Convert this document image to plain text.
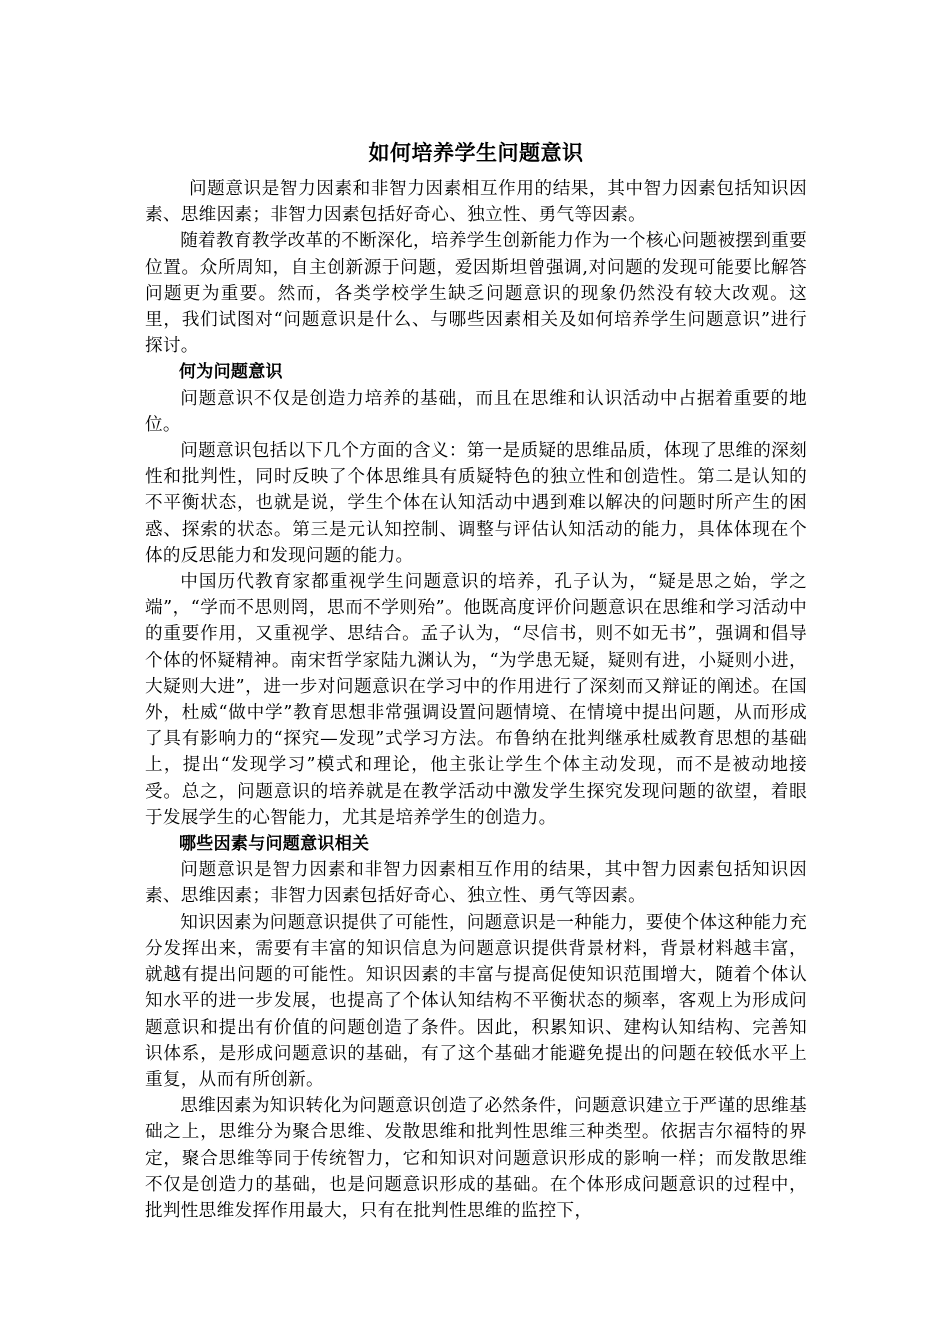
如何培养学生问题意识

问题意识是智力因素和非智力因素相互作用的结果，其中智力因素包括知识因素、思维因素；非智力因素包括好奇心、独立性、勇气等因素。

随着教育教学改革的不断深化，培养学生创新能力作为一个核心问题被摆到重要位置。众所周知，自主创新源于问题，爱因斯坦曾强调,对问题的发现可能要比解答问题更为重要。然而，各类学校学生缺乏问题意识的现象仍然没有较大改观。这里，我们试图对“问题意识是什么、与哪些因素相关及如何培养学生问题意识”进行探讨。

何为问题意识

问题意识不仅是创造力培养的基础，而且在思维和认识活动中占据着重要的地位。

问题意识包括以下几个方面的含义：第一是质疑的思维品质，体现了思维的深刻性和批判性，同时反映了个体思维具有质疑特色的独立性和创造性。第二是认知的不平衡状态，也就是说，学生个体在认知活动中遇到难以解决的问题时所产生的困惑、探索的状态。第三是元认知控制、调整与评估认知活动的能力，具体体现在个体的反思能力和发现问题的能力。

中国历代教育家都重视学生问题意识的培养，孔子认为，“疑是思之始，学之端”，“学而不思则罔，思而不学则殆”。他既高度评价问题意识在思维和学习活动中的重要作用，又重视学、思结合。孟子认为，“尽信书，则不如无书”，强调和倡导个体的怀疑精神。南宋哲学家陆九渊认为，“为学患无疑，疑则有进，小疑则小进，大疑则大进”，进一步对问题意识在学习中的作用进行了深刻而又辩证的阐述。在国外，杜威“做中学”教育思想非常强调设置问题情境、在情境中提出问题，从而形成了具有影响力的“探究—发现”式学习方法。布鲁纳在批判继承杜威教育思想的基础上，提出“发现学习”模式和理论，他主张让学生个体主动发现，而不是被动地接受。总之，问题意识的培养就是在教学活动中激发学生探究发现问题的欲望，着眼于发展学生的心智能力，尤其是培养学生的创造力。

哪些因素与问题意识相关

问题意识是智力因素和非智力因素相互作用的结果，其中智力因素包括知识因素、思维因素；非智力因素包括好奇心、独立性、勇气等因素。

知识因素为问题意识提供了可能性，问题意识是一种能力，要使个体这种能力充分发挥出来，需要有丰富的知识信息为问题意识提供背景材料，背景材料越丰富，就越有提出问题的可能性。知识因素的丰富与提高促使知识范围增大，随着个体认知水平的进一步发展，也提高了个体认知结构不平衡状态的频率，客观上为形成问题意识和提出有价值的问题创造了条件。因此，积累知识、建构认知结构、完善知识体系，是形成问题意识的基础，有了这个基础才能避免提出的问题在较低水平上重复，从而有所创新。

思维因素为知识转化为问题意识创造了必然条件，问题意识建立于严谨的思维基础之上，思维分为聚合思维、发散思维和批判性思维三种类型。依据吉尔福特的界定，聚合思维等同于传统智力，它和知识对问题意识形成的影响一样；而发散思维不仅是创造力的基础，也是问题意识形成的基础。在个体形成问题意识的过程中，批判性思维发挥作用最大，只有在批判性思维的监控下，
